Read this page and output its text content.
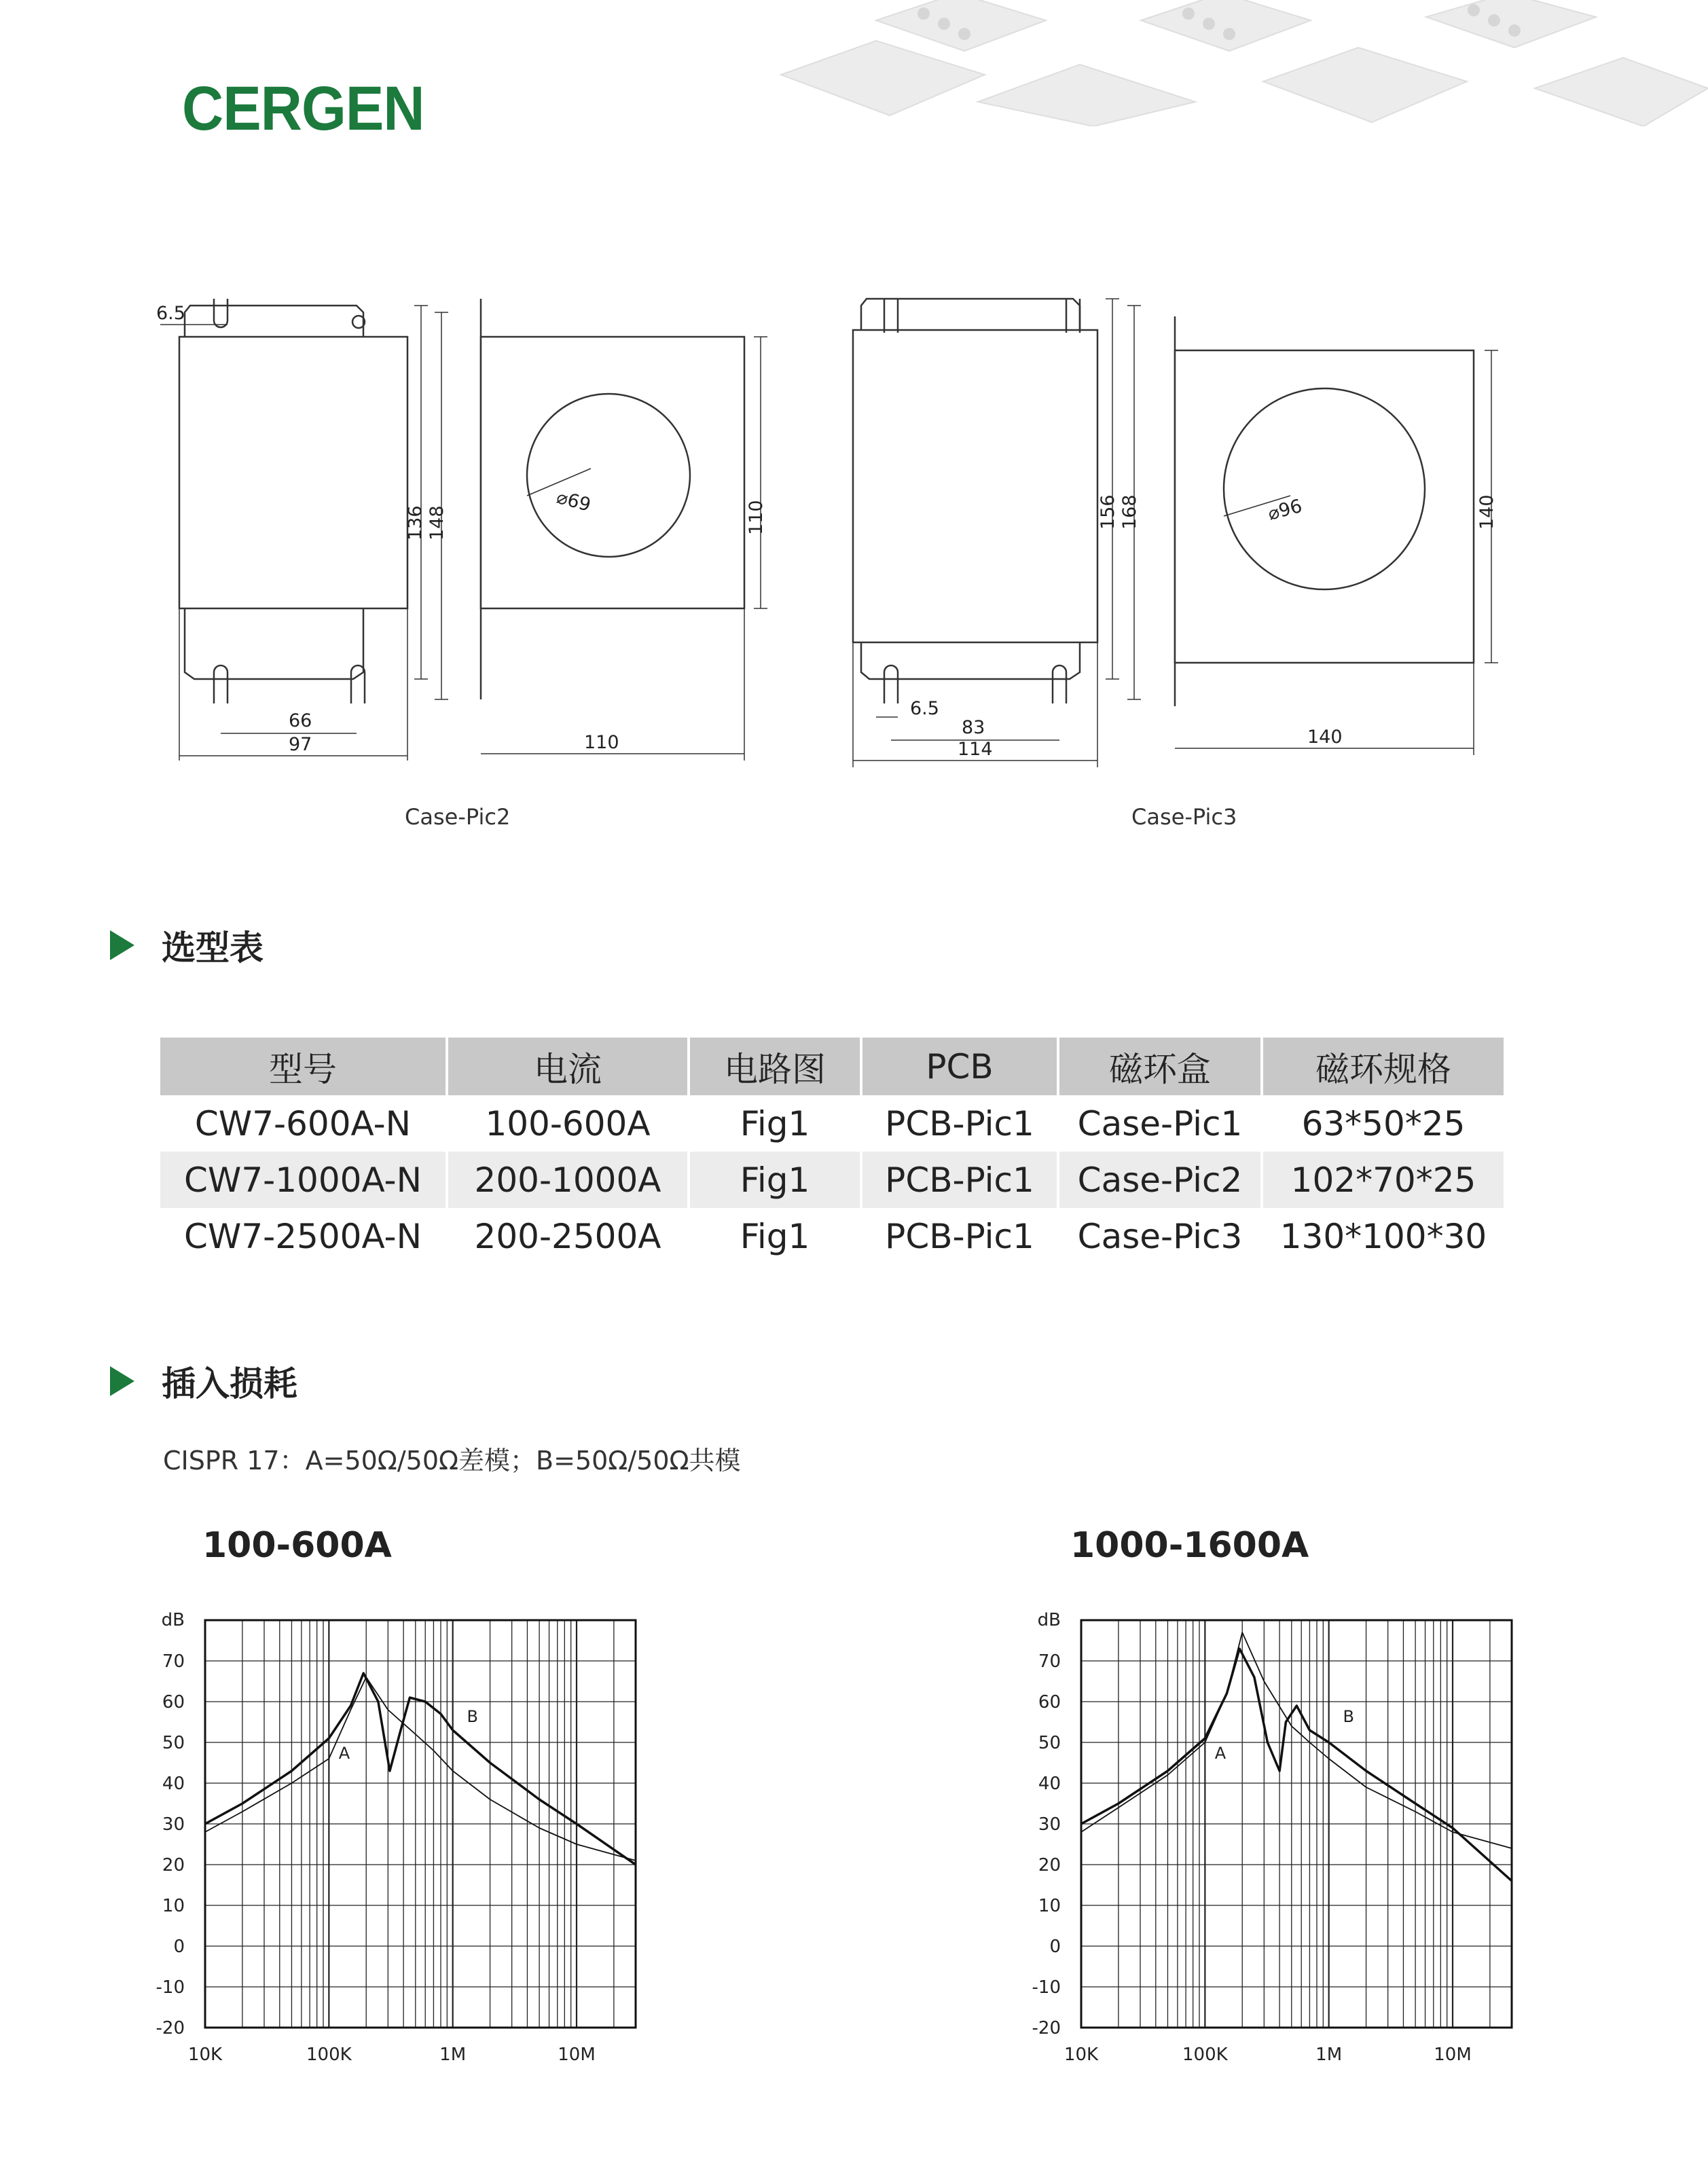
CERGEN
6.5
66
97	110
⌀69
136 148	110
6.5
83
114
140
⌀96
156 168	140
Case-Pic2	Case-Pic3
选型表
型号	电流	电路图	PCB	磁环盒	磁环规格
CW7-600A-N	100-600A	Fig1	PCB-Pic1	Case-Pic1	63*50*25
CW7-1000A-N	200-1000A	Fig1	PCB-Pic1	Case-Pic2	102*70*25
CW7-2500A-N	200-2500A	Fig1	PCB-Pic1	Case-Pic3	130*100*30
插入损耗
CISPR 17：A=50Ω/50Ω差模；B=50Ω/50Ω共模
100-600A	1000-1600A
70
60
50
40
30
20
10
0
-10
-20
dB
10K	100K	1M	10M
A
B
70
60
50
40
30
20
10
0
-10
-20
dB
10K	100K	1M	10M
A
B
